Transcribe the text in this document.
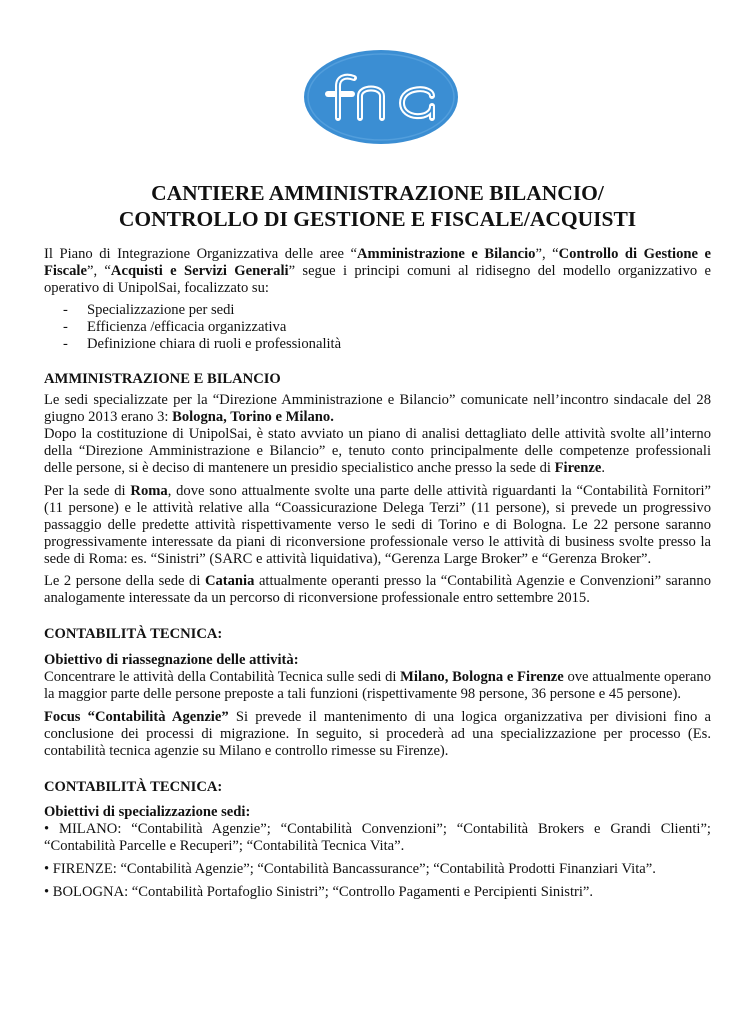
CANTIERE AMMINISTRAZIONE BILANCIO/
CONTROLLO DI GESTIONE E FISCALE/ACQUISTI

Il Piano di Integrazione Organizzativa delle aree “Amministrazione e Bilancio”, “Controllo di Gestione e Fiscale”, “Acquisti e Servizi Generali” segue i principi comuni al ridisegno del modello organizzativo e operativo di UnipolSai, focalizzato su:

- Specializzazione per sedi
- Efficienza /efficacia organizzativa
- Definizione chiara di ruoli e professionalità

AMMINISTRAZIONE E BILANCIO

Le sedi specializzate per la “Direzione Amministrazione e Bilancio” comunicate nell’incontro sindacale del 28 giugno 2013 erano 3: Bologna, Torino e Milano.

Dopo la costituzione di UnipolSai, è stato avviato un piano di analisi dettagliato delle attività svolte all’interno della “Direzione Amministrazione e Bilancio” e, tenuto conto principalmente delle competenze professionali delle persone, si è deciso di mantenere un presidio specialistico anche presso la sede di Firenze.

Per la sede di Roma, dove sono attualmente svolte una parte delle attività riguardanti la “Contabilità Fornitori” (11 persone) e le attività relative alla “Coassicurazione Delega Terzi” (11 persone), si prevede un progressivo passaggio delle predette attività rispettivamente verso le sedi di Torino e di Bologna. Le 22 persone saranno progressivamente interessate da piani di riconversione professionale verso le attività di business svolte presso la sede di Roma: es. “Sinistri” (SARC e attività liquidativa), “Gerenza Large Broker” e “Gerenza Broker”.

Le 2 persone della sede di Catania attualmente operanti presso la “Contabilità Agenzie e Convenzioni” saranno analogamente interessate da un percorso di riconversione professionale entro settembre 2015.

CONTABILITÀ TECNICA:

Obiettivo di riassegnazione delle attività:

Concentrare le attività della Contabilità Tecnica sulle sedi di Milano, Bologna e Firenze ove attualmente operano la maggior parte delle persone preposte a tali funzioni (rispettivamente 98 persone, 36 persone e 45 persone).

Focus “Contabilità Agenzie” Si prevede il mantenimento di una logica organizzativa per divisioni fino a conclusione dei processi di migrazione. In seguito, si procederà ad una specializzazione per processo (Es. contabilità tecnica agenzie su Milano e controllo rimesse su Firenze).

CONTABILITÀ TECNICA:

Obiettivi di specializzazione sedi:

• MILANO: “Contabilità Agenzie”; “Contabilità Convenzioni”; “Contabilità Brokers e Grandi Clienti”; “Contabilità Parcelle e Recuperi”; “Contabilità Tecnica Vita”.

• FIRENZE: “Contabilità Agenzie”; “Contabilità Bancassurance”; “Contabilità Prodotti Finanziari Vita”.

• BOLOGNA: “Contabilità Portafoglio Sinistri”; “Controllo Pagamenti e Percipienti Sinistri”.
